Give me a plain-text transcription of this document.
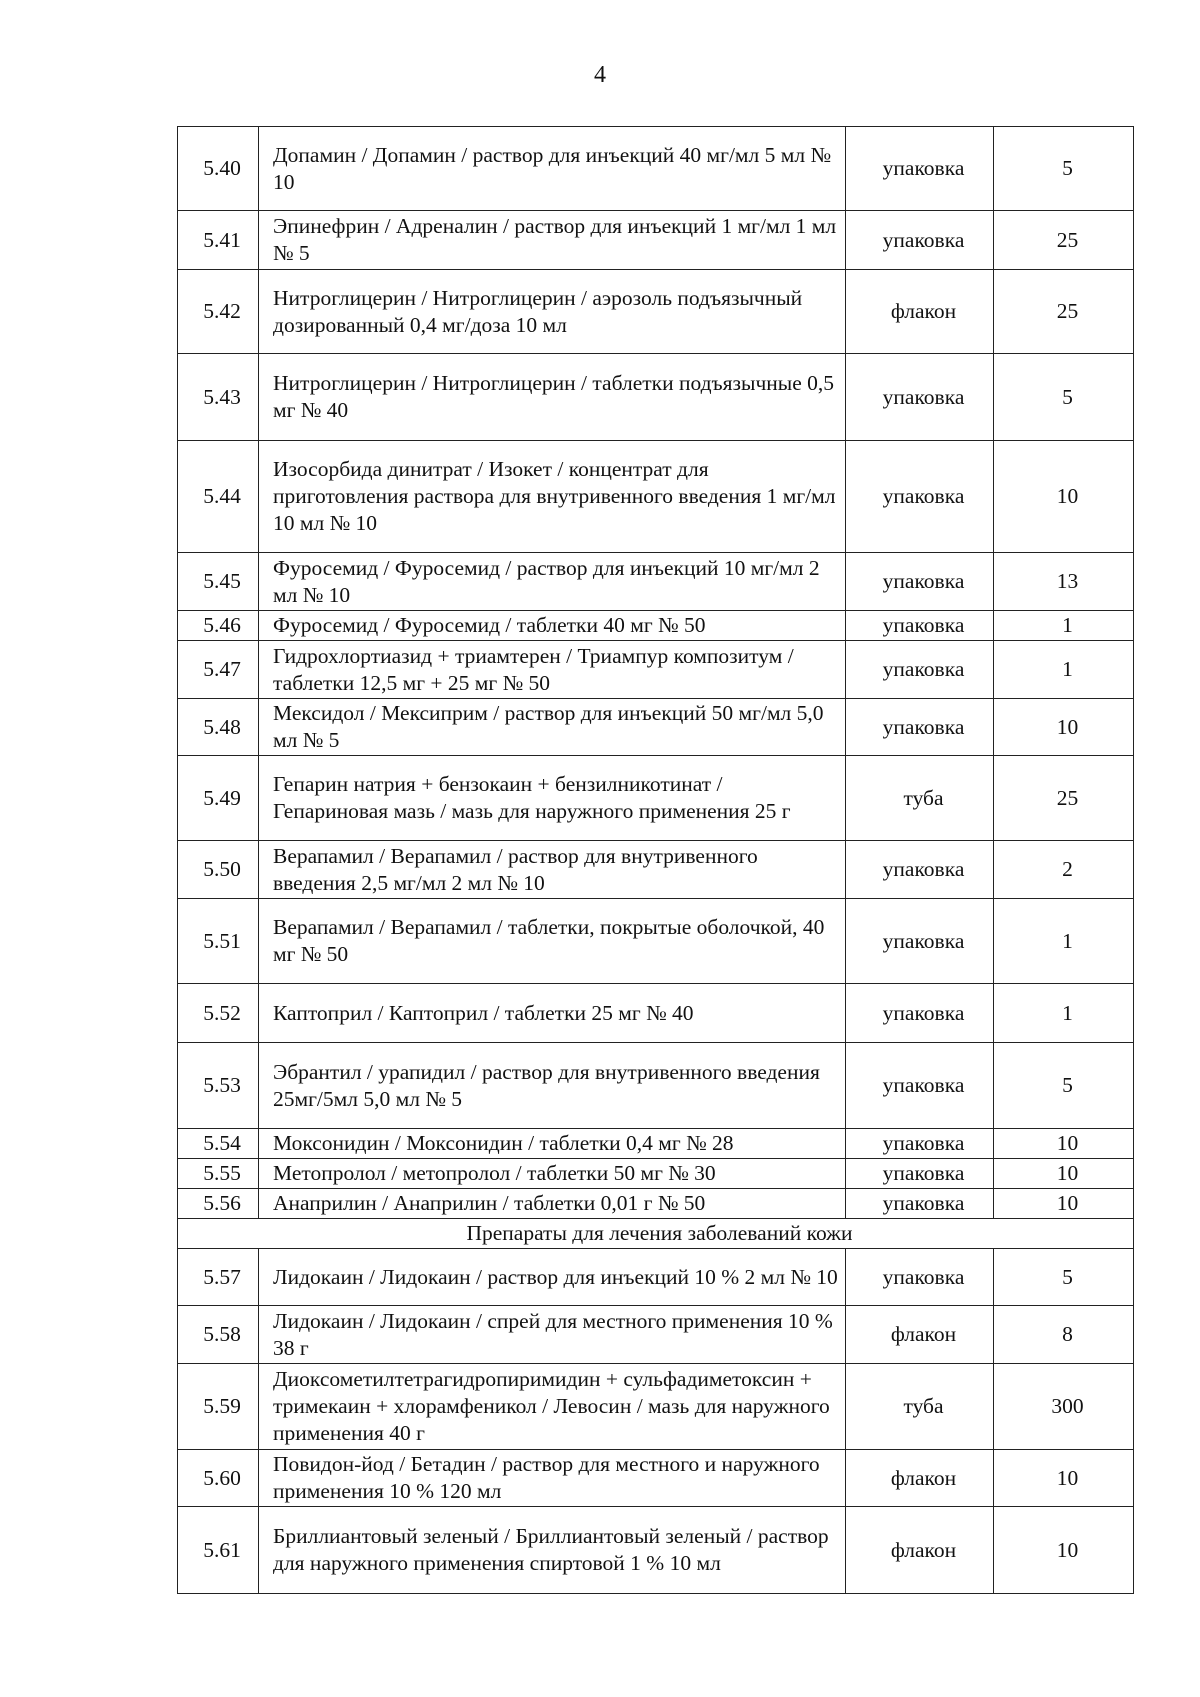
4
5.40	Допамин / Допамин / раствор для инъекций 40 мг/мл 5 мл № 10	упаковка	5
5.41	Эпинефрин / Адреналин / раствор для инъекций 1 мг/мл 1 мл № 5	упаковка	25
5.42	Нитроглицерин / Нитроглицерин / аэрозоль подъязычный дозированный 0,4 мг/доза 10 мл	флакон	25
5.43	Нитроглицерин / Нитроглицерин / таблетки подъязычные 0,5 мг № 40	упаковка	5
5.44	Изосорбида динитрат / Изокет / концентрат для приготовления раствора для внутривенного введения 1 мг/мл 10 мл № 10	упаковка	10
5.45	Фуросемид / Фуросемид / раствор для инъекций 10 мг/мл 2 мл № 10	упаковка	13
5.46	Фуросемид / Фуросемид / таблетки 40 мг № 50	упаковка	1
5.47	Гидрохлортиазид + триамтерен / Триампур композитум / таблетки 12,5 мг + 25 мг № 50	упаковка	1
5.48	Мексидол / Мексиприм / раствор для инъекций 50 мг/мл 5,0 мл № 5	упаковка	10
5.49	Гепарин натрия + бензокаин + бензилникотинат / Гепариновая мазь / мазь для наружного применения 25 г	туба	25
5.50	Верапамил / Верапамил / раствор для внутривенного введения 2,5 мг/мл 2 мл № 10	упаковка	2
5.51	Верапамил / Верапамил / таблетки, покрытые оболочкой, 40 мг № 50	упаковка	1
5.52	Каптоприл / Каптоприл / таблетки 25 мг № 40	упаковка	1
5.53	Эбрантил / урапидил / раствор для внутривенного введения 25мг/5мл 5,0 мл № 5	упаковка	5
5.54	Моксонидин / Моксонидин / таблетки 0,4 мг № 28	упаковка	10
5.55	Метопролол / метопролол / таблетки 50 мг № 30	упаковка	10
5.56	Анаприлин / Анаприлин / таблетки 0,01 г № 50	упаковка	10
Препараты для лечения заболеваний кожи			
5.57	Лидокаин / Лидокаин / раствор для инъекций 10 % 2 мл № 10	упаковка	5
5.58	Лидокаин / Лидокаин / спрей для местного применения 10 % 38 г	флакон	8
5.59	Диоксометилтетрагидропиримидин + сульфадиметоксин + тримекаин + хлорамфеникол / Левосин / мазь для наружного применения 40 г	туба	300
5.60	Повидон-йод / Бетадин / раствор для местного и наружного применения 10 % 120 мл	флакон	10
5.61	Бриллиантовый зеленый / Бриллиантовый зеленый / раствор для наружного применения спиртовой 1 % 10 мл	флакон	10
